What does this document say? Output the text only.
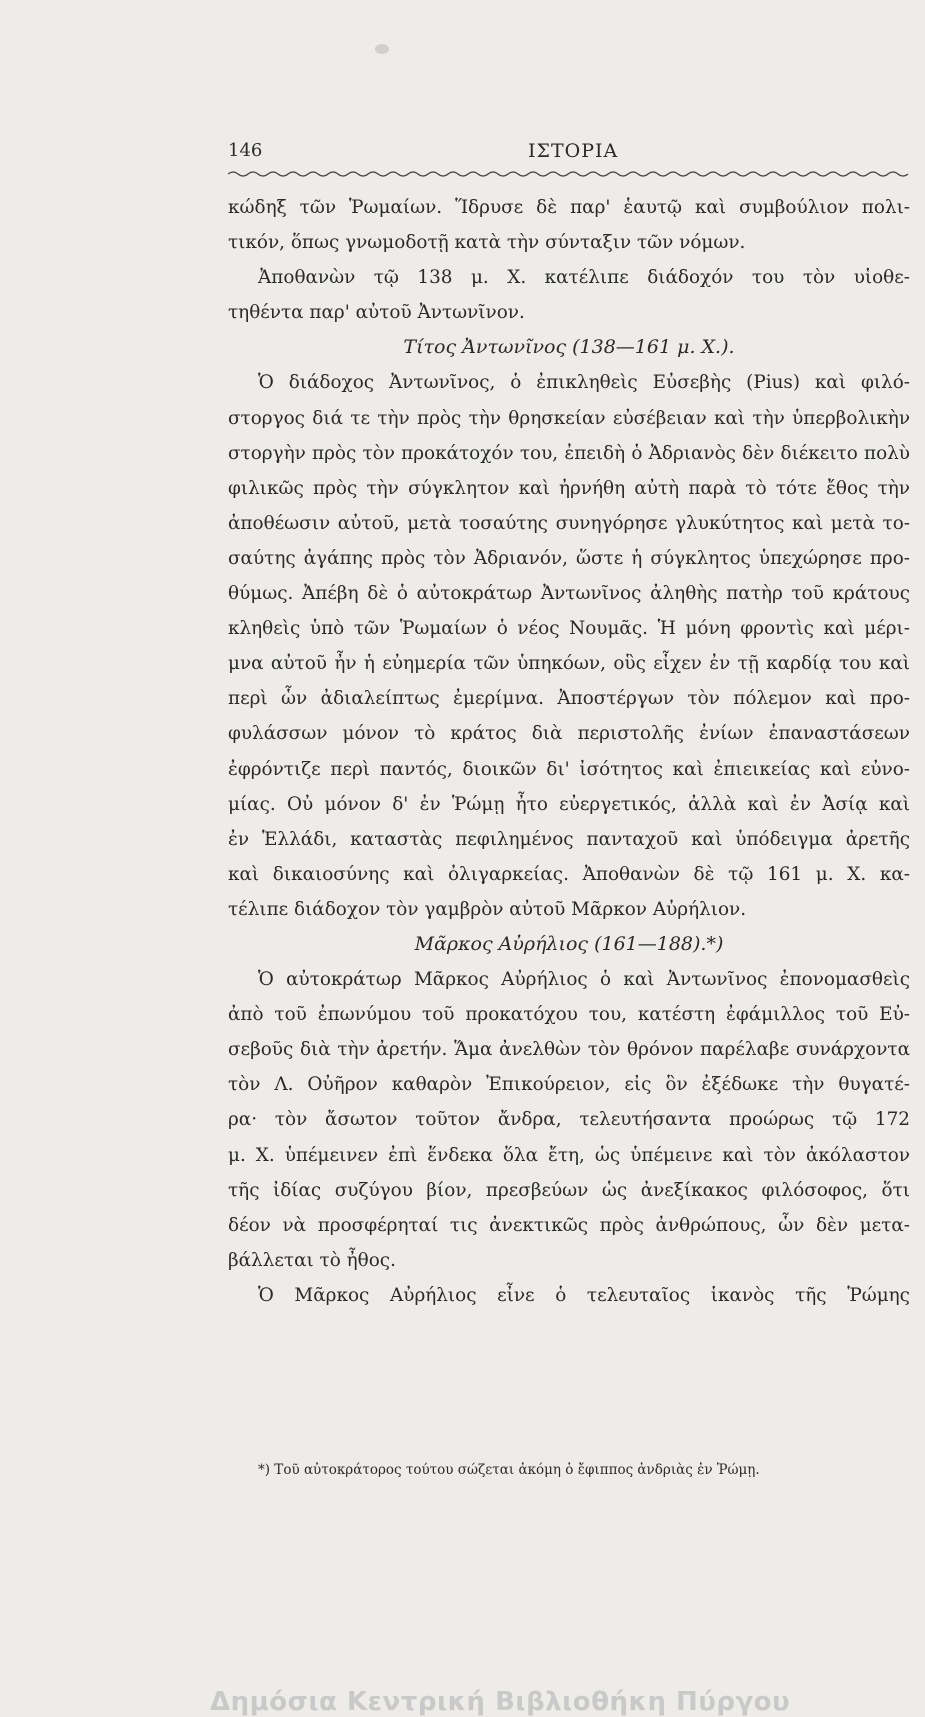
146	ΙΣΤΟΡΙΑ
κώδηξ τῶν Ῥωμαίων. Ἵδρυσε δὲ παρ' ἑαυτῷ καὶ συμβούλιον πολι-
τικόν, ὅπως γνωμοδοτῇ κατὰ τὴν σύνταξιν τῶν νόμων.
Ἀποθανὼν τῷ 138 μ. Χ. κατέλιπε διάδοχόν του τὸν υἱοθε-
τηθέντα παρ' αὐτοῦ Ἀντωνῖνον.
Τίτος Ἀντωνῖνος (138—161 μ. Χ.).
Ὁ διάδοχος Ἀντωνῖνος, ὁ ἐπικληθεὶς Εὐσεβὴς (Pius) καὶ φιλό-
στοργος διά τε τὴν πρὸς τὴν θρησκείαν εὐσέβειαν καὶ τὴν ὑπερβολικὴν
στοργὴν πρὸς τὸν προκάτοχόν του, ἐπειδὴ ὁ Ἀδριανὸς δὲν διέκειτο πολὺ
φιλικῶς πρὸς τὴν σύγκλητον καὶ ἠρνήθη αὐτὴ παρὰ τὸ τότε ἔθος τὴν
ἀποθέωσιν αὐτοῦ, μετὰ τοσαύτης συνηγόρησε γλυκύτητος καὶ μετὰ το-
σαύτης ἀγάπης πρὸς τὸν Ἀδριανόν, ὥστε ἡ σύγκλητος ὑπεχώρησε προ-
θύμως. Ἀπέβη δὲ ὁ αὐτοκράτωρ Ἀντωνῖνος ἀληθὴς πατὴρ τοῦ κράτους
κληθεὶς ὑπὸ τῶν Ῥωμαίων ὁ νέος Νουμᾶς. Ἡ μόνη φροντὶς καὶ μέρι-
μνα αὐτοῦ ἦν ἡ εὐημερία τῶν ὑπηκόων, οὓς εἶχεν ἐν τῇ καρδίᾳ του καὶ
περὶ ὧν ἀδιαλείπτως ἐμερίμνα. Ἀποστέργων τὸν πόλεμον καὶ προ-
φυλάσσων μόνον τὸ κράτος διὰ περιστολῆς ἐνίων ἐπαναστάσεων
ἐφρόντιζε περὶ παντός, διοικῶν δι' ἰσότητος καὶ ἐπιεικείας καὶ εὐνο-
μίας. Οὐ μόνον δ' ἐν Ῥώμῃ ἦτο εὐεργετικός, ἀλλὰ καὶ ἐν Ἀσίᾳ καὶ
ἐν Ἑλλάδι, καταστὰς πεφιλημένος πανταχοῦ καὶ ὑπόδειγμα ἀρετῆς
καὶ δικαιοσύνης καὶ ὀλιγαρκείας. Ἀποθανὼν δὲ τῷ 161 μ. Χ. κα-
τέλιπε διάδοχον τὸν γαμβρὸν αὐτοῦ Μᾶρκον Αὐρήλιον.
Μᾶρκος Αὐρήλιος (161—188).*)
Ὁ αὐτοκράτωρ Μᾶρκος Αὐρήλιος ὁ καὶ Ἀντωνῖνος ἐπονομασθεὶς
ἀπὸ τοῦ ἐπωνύμου τοῦ προκατόχου του, κατέστη ἐφάμιλλος τοῦ Εὐ-
σεβοῦς διὰ τὴν ἀρετήν. Ἅμα ἀνελθὼν τὸν θρόνον παρέλαβε συνάρχοντα
τὸν Λ. Οὐῆρον καθαρὸν Ἐπικούρειον, εἰς ὃν ἐξέδωκε τὴν θυγατέ-
ρα· τὸν ἄσωτον τοῦτον ἄνδρα, τελευτήσαντα προώρως τῷ 172
μ. Χ. ὑπέμεινεν ἐπὶ ἕνδεκα ὅλα ἔτη, ὡς ὑπέμεινε καὶ τὸν ἀκόλαστον
τῆς ἰδίας συζύγου βίον, πρεσβεύων ὡς ἀνεξίκακος φιλόσοφος, ὅτι
δέον νὰ προσφέρηταί τις ἀνεκτικῶς πρὸς ἀνθρώπους, ὧν δὲν μετα-
βάλλεται τὸ ἦθος.
Ὁ Μᾶρκος Αὐρήλιος εἶνε ὁ τελευταῖος ἱκανὸς τῆς Ῥώμης
*) Τοῦ αὐτοκράτορος τούτου σώζεται ἀκόμη ὁ ἔφιππος ἀνδριὰς ἐν Ῥώμῃ.
Δημόσια Κεντρική Βιβλιοθήκη Πύργου
